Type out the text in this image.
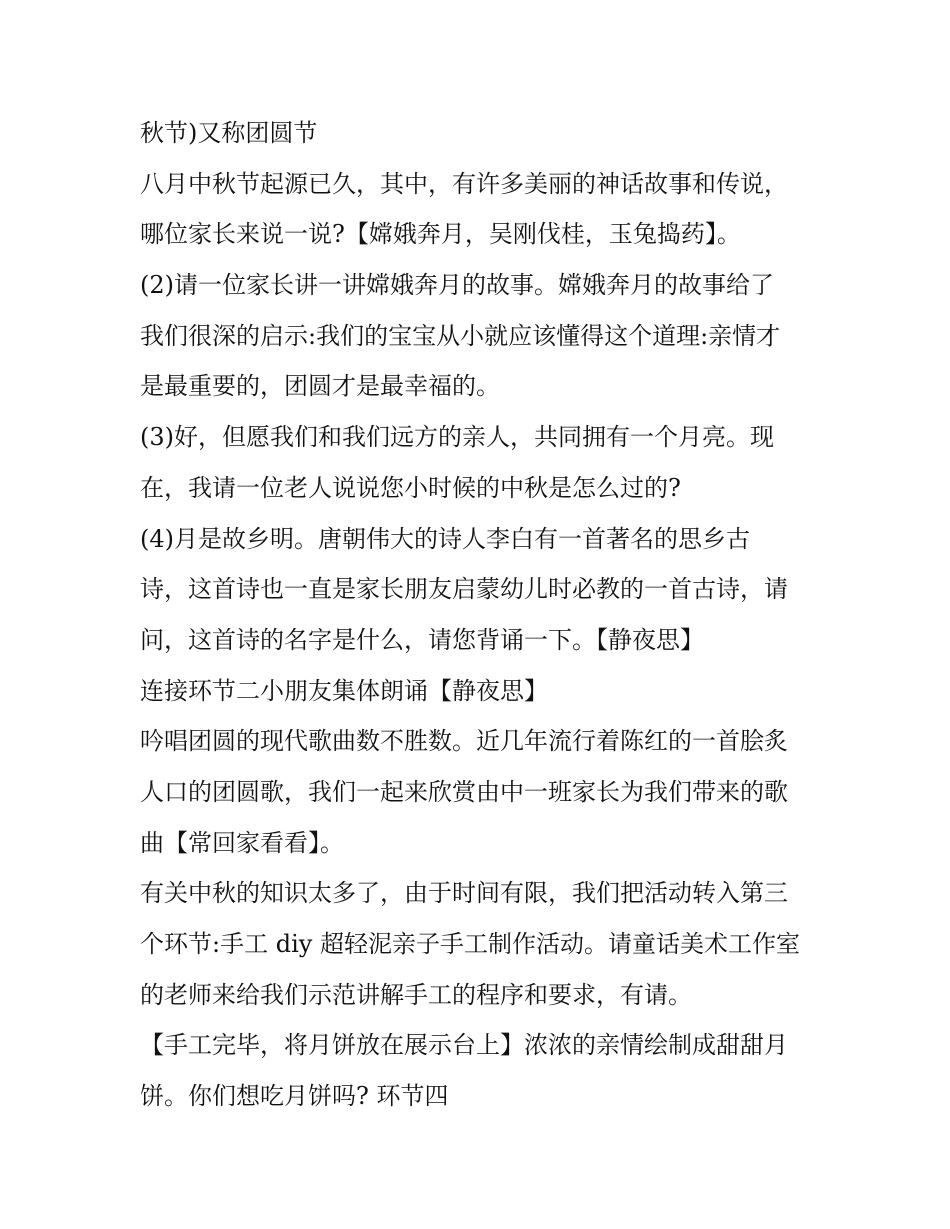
秋节)又称团圆节
八月中秋节起源已久，其中，有许多美丽的神话故事和传说，
哪位家长来说一说?【嫦娥奔月，吴刚伐桂，玉兔捣药】。
(2)请一位家长讲一讲嫦娥奔月的故事。嫦娥奔月的故事给了
我们很深的启示:我们的宝宝从小就应该懂得这个道理:亲情才
是最重要的，团圆才是最幸福的。
(3)好，但愿我们和我们远方的亲人，共同拥有一个月亮。现
在，我请一位老人说说您小时候的中秋是怎么过的?
(4)月是故乡明。唐朝伟大的诗人李白有一首著名的思乡古
诗，这首诗也一直是家长朋友启蒙幼儿时必教的一首古诗，请
问，这首诗的名字是什么，请您背诵一下。【静夜思】
连接环节二小朋友集体朗诵【静夜思】
吟唱团圆的现代歌曲数不胜数。近几年流行着陈红的一首脍炙
人口的团圆歌，我们一起来欣赏由中一班家长为我们带来的歌
曲【常回家看看】。
有关中秋的知识太多了，由于时间有限，我们把活动转入第三
个环节:手工 diy 超轻泥亲子手工制作活动。请童话美术工作室
的老师来给我们示范讲解手工的程序和要求，有请。
【手工完毕，将月饼放在展示台上】浓浓的亲情绘制成甜甜月
饼。你们想吃月饼吗? 环节四
